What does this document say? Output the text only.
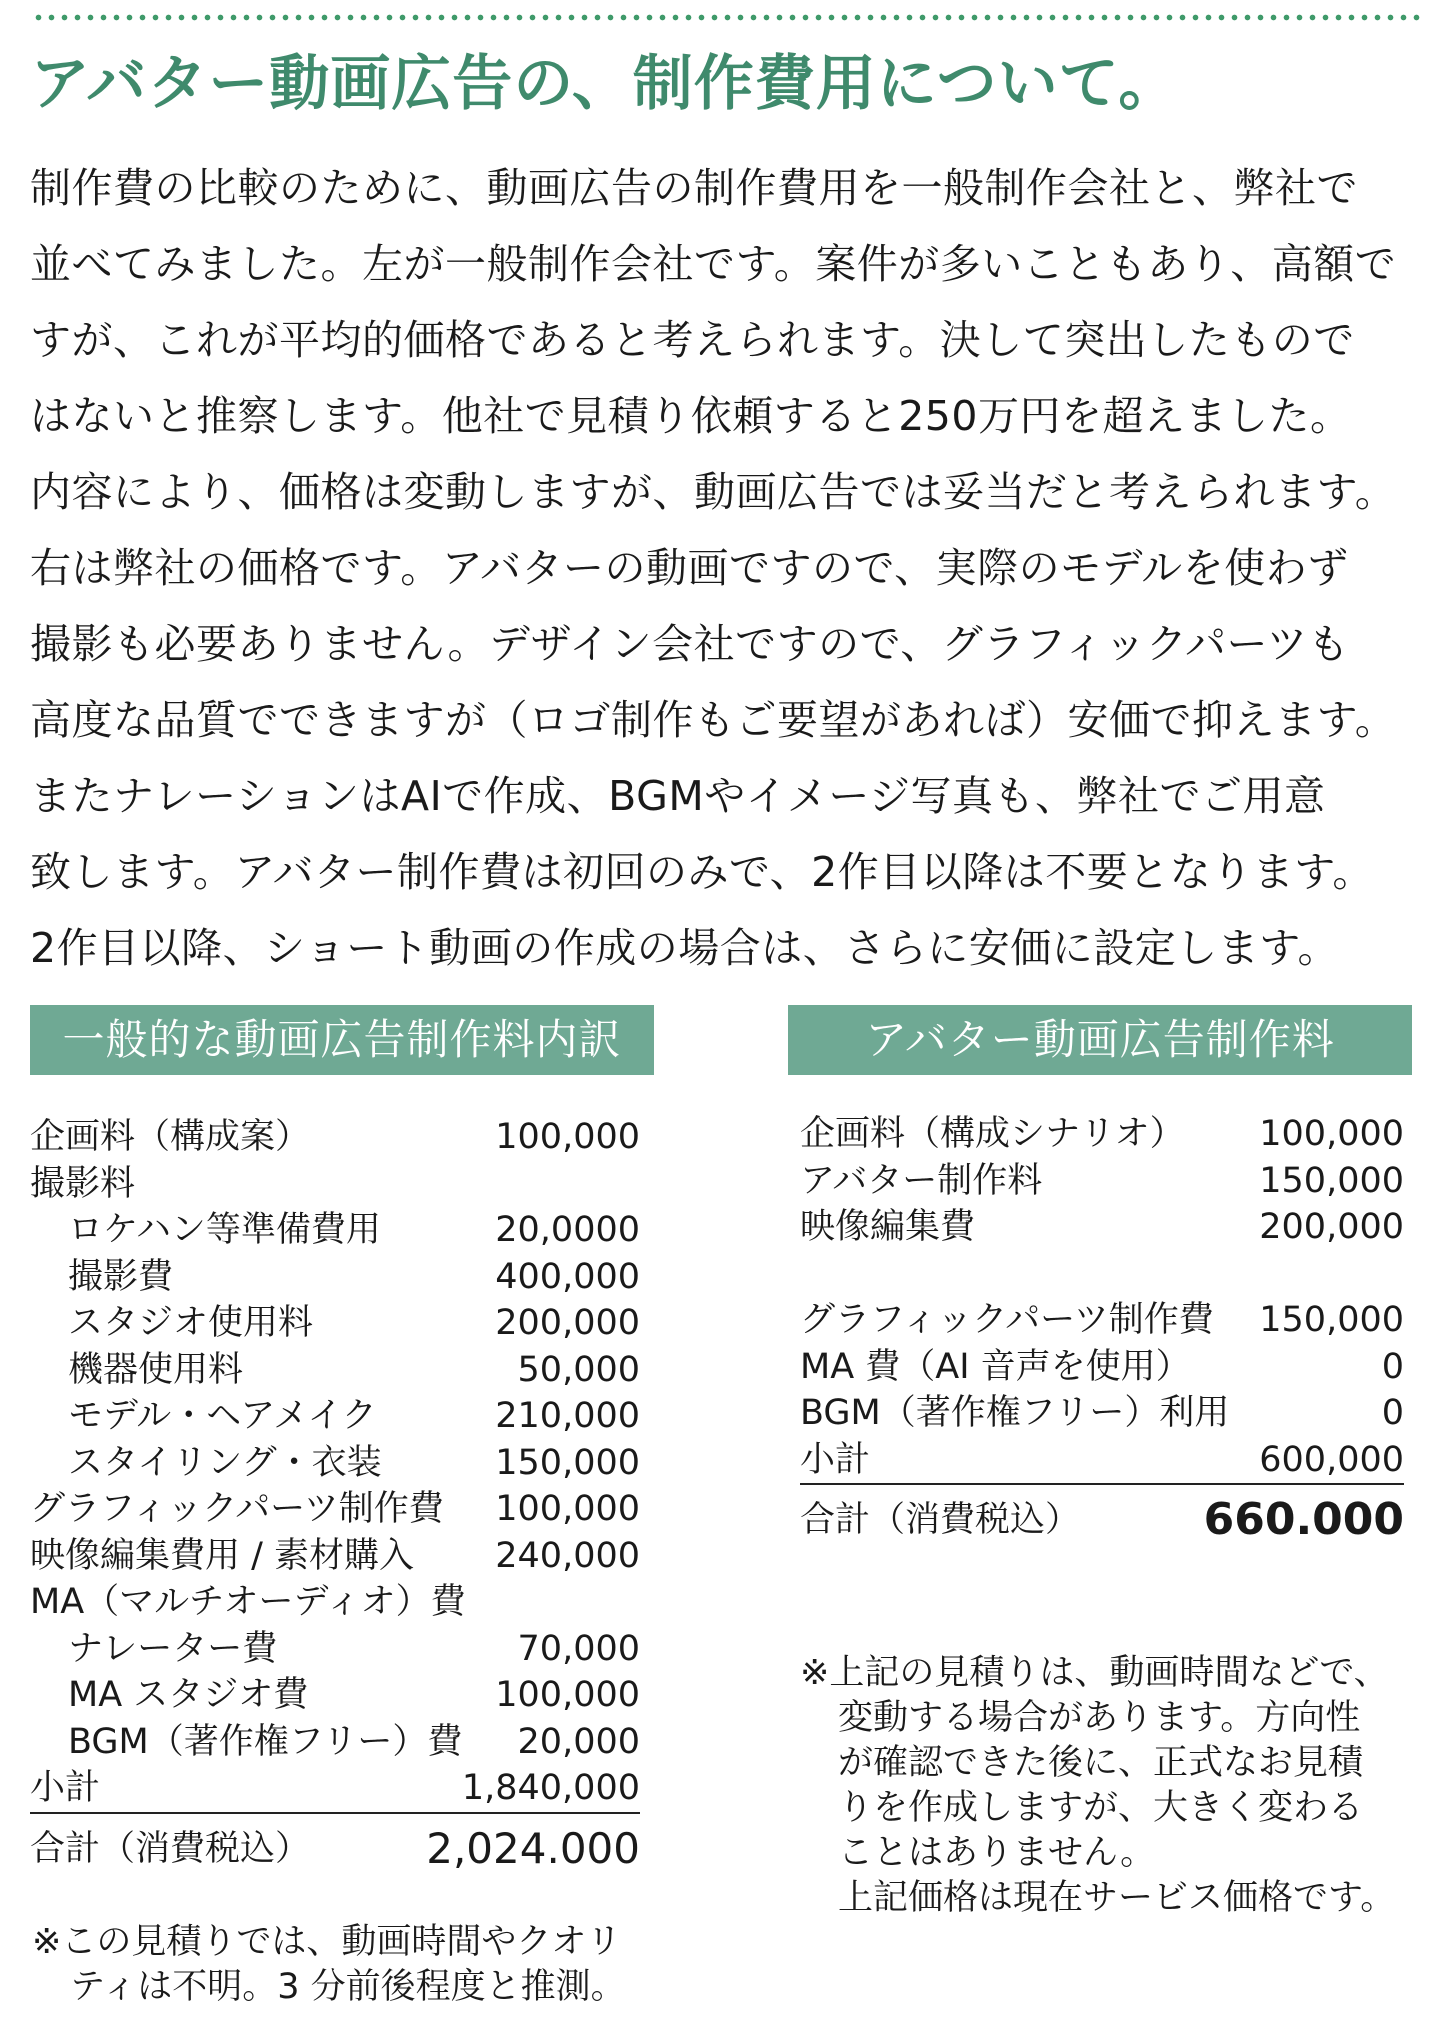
アバター動画広告の、制作費用について。
制作費の比較のために、動画広告の制作費用を一般制作会社と、弊社で
並べてみました。左が一般制作会社です。案件が多いこともあり、高額で
すが、これが平均的価格であると考えられます。決して突出したもので
はないと推察します。他社で見積り依頼すると250万円を超えました。
内容により、価格は変動しますが、動画広告では妥当だと考えられます。
右は弊社の価格です。アバターの動画ですので、実際のモデルを使わず
撮影も必要ありません。デザイン会社ですので、グラフィックパーツも
高度な品質でできますが（ロゴ制作もご要望があれば）安価で抑えます。
またナレーションはAIで作成、BGMやイメージ写真も、弊社でご用意
致します。アバター制作費は初回のみで、2作目以降は不要となります。
2作目以降、ショート動画の作成の場合は、さらに安価に設定します。
一般的な動画広告制作料内訳
企画料（構成案）	100,000
撮影料
ロケハン等準備費用	20,0000
撮影費	400,000
スタジオ使用料	200,000
機器使用料	50,000
モデル・ヘアメイク	210,000
スタイリング・衣装	150,000
グラフィックパーツ制作費 100,000
映像編集費用 / 素材購入 240,000
MA（マルチオーディオ）費
ナレーター費	70,000
MA スタジオ費	100,000
BGM（著作権フリー）費 20,000
小計	1,840,000
合計（消費税込）	2,024.000
※この見積りでは、動画時間やクオリ
ティは不明。3 分前後程度と推測。
アバター動画広告制作料
企画料（構成シナリオ） 100,000
アバター制作料	150,000
映像編集費	200,000
グラフィックパーツ制作費 150,000
MA 費（AI 音声を使用）	0
BGM（著作権フリー）利用	0
小計	600,000
合計（消費税込）	660.000
※上記の見積りは、動画時間などで、
変動する場合があります。方向性
が確認できた後に、正式なお見積
りを作成しますが、大きく変わる
ことはありません。
上記価格は現在サービス価格です。
